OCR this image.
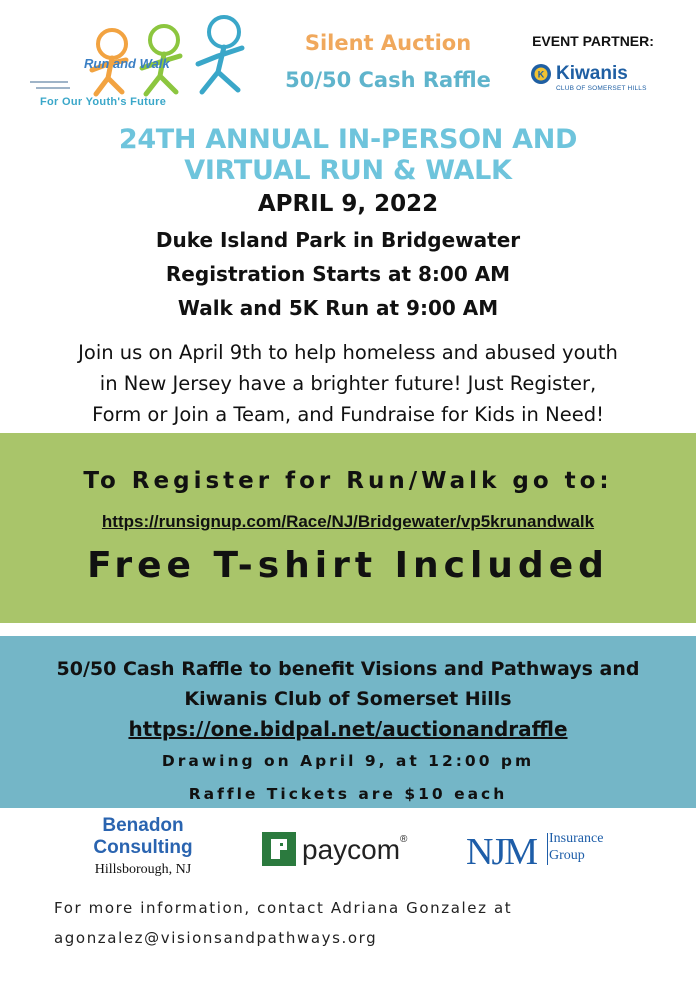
Run and Walk
For Our Youth's Future
Silent Auction
50/50 Cash Raffle
EVENT PARTNER:
K Kiwanis
CLUB OF SOMERSET HILLS
24TH ANNUAL IN-PERSON AND
VIRTUAL RUN & WALK
APRIL 9, 2022
Duke Island Park in Bridgewater
Registration Starts at 8:00 AM
Walk and 5K Run at 9:00 AM
Join us on April 9th to help homeless and abused youth
in New Jersey have a brighter future! Just Register,
Form or Join a Team, and Fundraise for Kids in Need!
To Register for Run/Walk go to:
https://runsignup.com/Race/NJ/Bridgewater/vp5krunandwalk
Free T-shirt Included
50/50 Cash Raffle to benefit Visions and Pathways and
Kiwanis Club of Somerset Hills
https://one.bidpal.net/auctionandraffle
Drawing on April 9, at 12:00 pm
Raffle Tickets are $10 each
Benadon
Consulting
Hillsborough, NJ
paycom® NJM Insurance
Group
For more information, contact Adriana Gonzalez at
agonzalez@visionsandpathways.org
